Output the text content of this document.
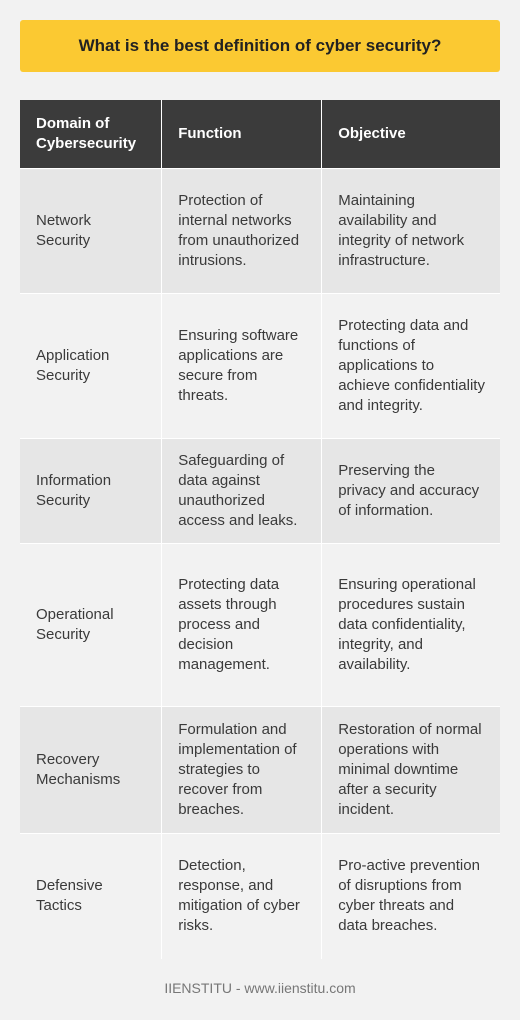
What is the best definition of cyber security?
Domain of Cybersecurity	Function	Objective
Network Security	Protection of internal networks from unauthorized intrusions.	Maintaining availability and integrity of network infrastructure.
Application Security	Ensuring software applications are secure from threats.	Protecting data and functions of applications to achieve confidentiality and integrity.
Information Security	Safeguarding of data against unauthorized access and leaks.	Preserving the privacy and accuracy of information.
Operational Security	Protecting data assets through process and decision management.	Ensuring operational procedures sustain data confidentiality, integrity, and availability.
Recovery Mechanisms	Formulation and implementation of strategies to recover from breaches.	Restoration of normal operations with minimal downtime after a security incident.
Defensive Tactics	Detection, response, and mitigation of cyber risks.	Pro-active prevention of disruptions from cyber threats and data breaches.
IIENSTITU - www.iienstitu.com
